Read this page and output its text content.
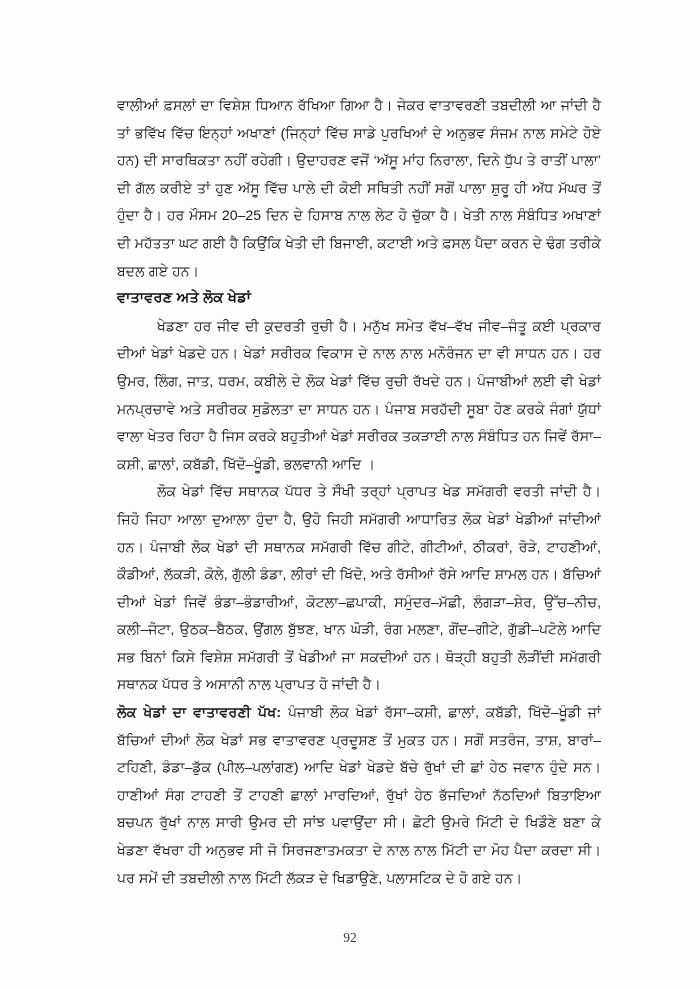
ਵਾਲੀਆਂ ਫ਼ਸਲਾਂ ਦਾ ਵਿਸ਼ੇਸ਼ ਧਿਆਨ ਰੱਖਿਆ ਗਿਆ ਹੈ। ਜੇਕਰ ਵਾਤਾਵਰਣੀ ਤਬਦੀਲੀ ਆ ਜਾਂਦੀ ਹੈ ਤਾਂ ਭਵਿੱਖ ਵਿੱਚ ਇਨ੍ਹਾਂ ਅਖਾਣਾਂ (ਜਿਨ੍ਹਾਂ ਵਿੱਚ ਸਾਡੇ ਪੁਰਖਿਆਂ ਦੇ ਅਨੁਭਵ ਸੰਜਮ ਨਾਲ ਸਮੇਟੇ ਹੋਏ ਹਨ) ਦੀ ਸਾਰਥਿਕਤਾ ਨਹੀਂ ਰਹੇਗੀ। ਉਦਾਹਰਣ ਵਜੋਂ ‘ਅੱਸੂ ਮਾਂਹ ਨਿਰਾਲਾ, ਦਿਨੇ ਧੁੱਪ ਤੇ ਰਾਤੀਂ ਪਾਲਾ’ ਦੀ ਗੱਲ ਕਰੀਏ ਤਾਂ ਹੁਣ ਅੱਸੂ ਵਿੱਚ ਪਾਲੇ ਦੀ ਕੋਈ ਸਥਿਤੀ ਨਹੀਂ ਸਗੋਂ ਪਾਲਾ ਸ਼ੁਰੂ ਹੀ ਅੱਧ ਮੱਘਰ ਤੋਂ ਹੁੰਦਾ ਹੈ। ਹਰ ਮੌਸਮ 20–25 ਦਿਨ ਦੇ ਹਿਸਾਬ ਨਾਲ ਲੇਟ ਹੋ ਚੁੱਕਾ ਹੈ। ਖੇਤੀ ਨਾਲ ਸੰਬੰਧਿਤ ਅਖਾਣਾਂ ਦੀ ਮਹੱਤਤਾ ਘਟ ਗਈ ਹੈ ਕਿਉਂਕਿ ਖੇਤੀ ਦੀ ਬਿਜਾਈ, ਕਟਾਈ ਅਤੇ ਫ਼ਸਲ ਪੈਦਾ ਕਰਨ ਦੇ ਢੰਗ ਤਰੀਕੇ ਬਦਲ ਗਏ ਹਨ।

ਵਾਤਾਵਰਣ ਅਤੇ ਲੋਕ ਖੇਡਾਂ

ਖੇਡਣਾ ਹਰ ਜੀਵ ਦੀ ਕੁਦਰਤੀ ਰੁਚੀ ਹੈ। ਮਨੁੱਖ ਸਮੇਤ ਵੱਖ–ਵੱਖ ਜੀਵ–ਜੰਤੂ ਕਈ ਪ੍ਰਕਾਰ ਦੀਆਂ ਖੇਡਾਂ ਖੇਡਦੇ ਹਨ। ਖੇਡਾਂ ਸਰੀਰਕ ਵਿਕਾਸ ਦੇ ਨਾਲ ਨਾਲ ਮਨੋਰੰਜਨ ਦਾ ਵੀ ਸਾਧਨ ਹਨ। ਹਰ ਉਮਰ, ਲਿੰਗ, ਜਾਤ, ਧਰਮ, ਕਬੀਲੇ ਦੇ ਲੋਕ ਖੇਡਾਂ ਵਿੱਚ ਰੁਚੀ ਰੱਖਦੇ ਹਨ। ਪੰਜਾਬੀਆਂ ਲਈ ਵੀ ਖੇਡਾਂ ਮਨਪ੍ਰਚਾਵੇ ਅਤੇ ਸਰੀਰਕ ਸੁਡੋਲਤਾ ਦਾ ਸਾਧਨ ਹਨ। ਪੰਜਾਬ ਸਰਹੱਦੀ ਸੂਬਾ ਹੋਣ ਕਰਕੇ ਜੰਗਾਂ ਯੁੱਧਾਂ ਵਾਲਾ ਖੇਤਰ ਰਿਹਾ ਹੈ ਜਿਸ ਕਰਕੇ ਬਹੁਤੀਆਂ ਖੇਡਾਂ ਸਰੀਰਕ ਤਕੜਾਈ ਨਾਲ ਸੰਬੰਧਿਤ ਹਨ ਜਿਵੇਂ ਰੱਸਾ–ਕਸ਼ੀ, ਛਾਲਾਂ, ਕਬੱਡੀ, ਖਿੱਦੋ–ਖੂੰਡੀ, ਭਲਵਾਨੀ ਆਦਿ ।

ਲੋਕ ਖੇਡਾਂ ਵਿੱਚ ਸਥਾਨਕ ਪੱਧਰ ਤੇ ਸੌਖੀ ਤਰ੍ਹਾਂ ਪ੍ਰਾਪਤ ਖੇਡ ਸਮੱਗਰੀ ਵਰਤੀ ਜਾਂਦੀ ਹੈ। ਜਿਹੋ ਜਿਹਾ ਆਲਾ ਦੁਆਲਾ ਹੁੰਦਾ ਹੈ, ਉਹੋ ਜਿਹੀ ਸਮੱਗਰੀ ਆਧਾਰਿਤ ਲੋਕ ਖੇਡਾਂ ਖੇਡੀਆਂ ਜਾਂਦੀਆਂ ਹਨ। ਪੰਜਾਬੀ ਲੋਕ ਖੇਡਾਂ ਦੀ ਸਥਾਨਕ ਸਮੱਗਰੀ ਵਿੱਚ ਗੀਟੇ, ਗੀਟੀਆਂ, ਠੀਕਰਾਂ, ਰੋੜੇ, ਟਾਹਣੀਆਂ, ਕੌਡੀਆਂ, ਲੱਕੜੀ, ਕੋਲੇ, ਗੁੱਲੀ ਡੰਡਾ, ਲੀਰਾਂ ਦੀ ਖਿੱਦੋ, ਅਤੇ ਰੱਸੀਆਂ ਰੱਸੇ ਆਦਿ ਸ਼ਾਮਲ ਹਨ। ਬੱਚਿਆਂ ਦੀਆਂ ਖੇਡਾਂ ਜਿਵੇਂ ਭੰਡਾ–ਭੰਡਾਰੀਆਂ, ਕੋਟਲਾ–ਛਪਾਕੀ, ਸਮੁੰਦਰ–ਮੱਛੀ, ਲੰਗੜਾ–ਸ਼ੇਰ, ਉੱਚ–ਨੀਚ, ਕਲੀ–ਜੋਟਾ, ਉਠਕ–ਬੈਠਕ, ਉਂਗਲ ਬੁੱਝਣ, ਖਾਨ ਘੋੜੀ, ਰੰਗ ਮਲਣਾ, ਗੋਂਦ–ਗੀਟੇ, ਗੁੱਡੀ–ਪਟੋਲੇ ਆਦਿ ਸਭ ਬਿਨਾਂ ਕਿਸੇ ਵਿਸ਼ੇਸ਼ ਸਮੱਗਰੀ ਤੋਂ ਖੇਡੀਆਂ ਜਾ ਸਕਦੀਆਂ ਹਨ। ਥੋੜ੍ਹੀ ਬਹੁਤੀ ਲੋੜੀਂਦੀ ਸਮੱਗਰੀ ਸਥਾਨਕ ਪੱਧਰ ਤੇ ਅਸਾਨੀ ਨਾਲ ਪ੍ਰਾਪਤ ਹੋ ਜਾਂਦੀ ਹੈ।

ਲੋਕ ਖੇਡਾਂ ਦਾ ਵਾਤਾਵਰਣੀ ਪੱਖ: ਪੰਜਾਬੀ ਲੋਕ ਖੇਡਾਂ ਰੱਸਾ–ਕਸ਼ੀ, ਛਾਲਾਂ, ਕਬੱਡੀ, ਖਿੱਦੋ–ਖੂੰਡੀ ਜਾਂ ਬੱਚਿਆਂ ਦੀਆਂ ਲੋਕ ਖੇਡਾਂ ਸਭ ਵਾਤਾਵਰਣ ਪ੍ਰਦੂਸ਼ਣ ਤੋਂ ਮੁਕਤ ਹਨ। ਸਗੋਂ ਸਤਰੰਜ, ਤਾਸ਼, ਬਾਰਾਂ–ਟਹਿਣੀ, ਡੰਡਾ–ਡੁੱਕ (ਪੀਲ–ਪਲਾਂਗਣ) ਆਦਿ ਖੇਡਾਂ ਖੇਡਦੇ ਬੱਚੇ ਰੁੱਖਾਂ ਦੀ ਛਾਂ ਹੇਠ ਜਵਾਨ ਹੁੰਦੇ ਸਨ। ਹਾਣੀਆਂ ਸੰਗ ਟਾਹਣੀ ਤੋਂ ਟਾਹਣੀ ਛਾਲਾਂ ਮਾਰਦਿਆਂ, ਰੁੱਖਾਂ ਹੇਠ ਭੱਜਦਿਆਂ ਨੱਠਦਿਆਂ ਬਿਤਾਇਆ ਬਚਪਨ ਰੁੱਖਾਂ ਨਾਲ ਸਾਰੀ ਉਮਰ ਦੀ ਸਾਂਝ ਪਵਾਉਂਦਾ ਸੀ। ਛੋਟੀ ਉਮਰੇ ਮਿੱਟੀ ਦੇ ਖਿਡੌਣੇ ਬਣਾ ਕੇ ਖੇਡਣਾ ਵੱਖਰਾ ਹੀ ਅਨੁਭਵ ਸੀ ਜੋ ਸਿਰਜਣਾਤਮਕਤਾ ਦੇ ਨਾਲ ਨਾਲ ਮਿੱਟੀ ਦਾ ਮੋਹ ਪੈਦਾ ਕਰਦਾ ਸੀ। ਪਰ ਸਮੇਂ ਦੀ ਤਬਦੀਲੀ ਨਾਲ ਮਿੱਟੀ ਲੱਕੜ ਦੇ ਖਿਡਾਉਣੇ, ਪਲਾਸਟਿਕ ਦੇ ਹੋ ਗਏ ਹਨ।

92
